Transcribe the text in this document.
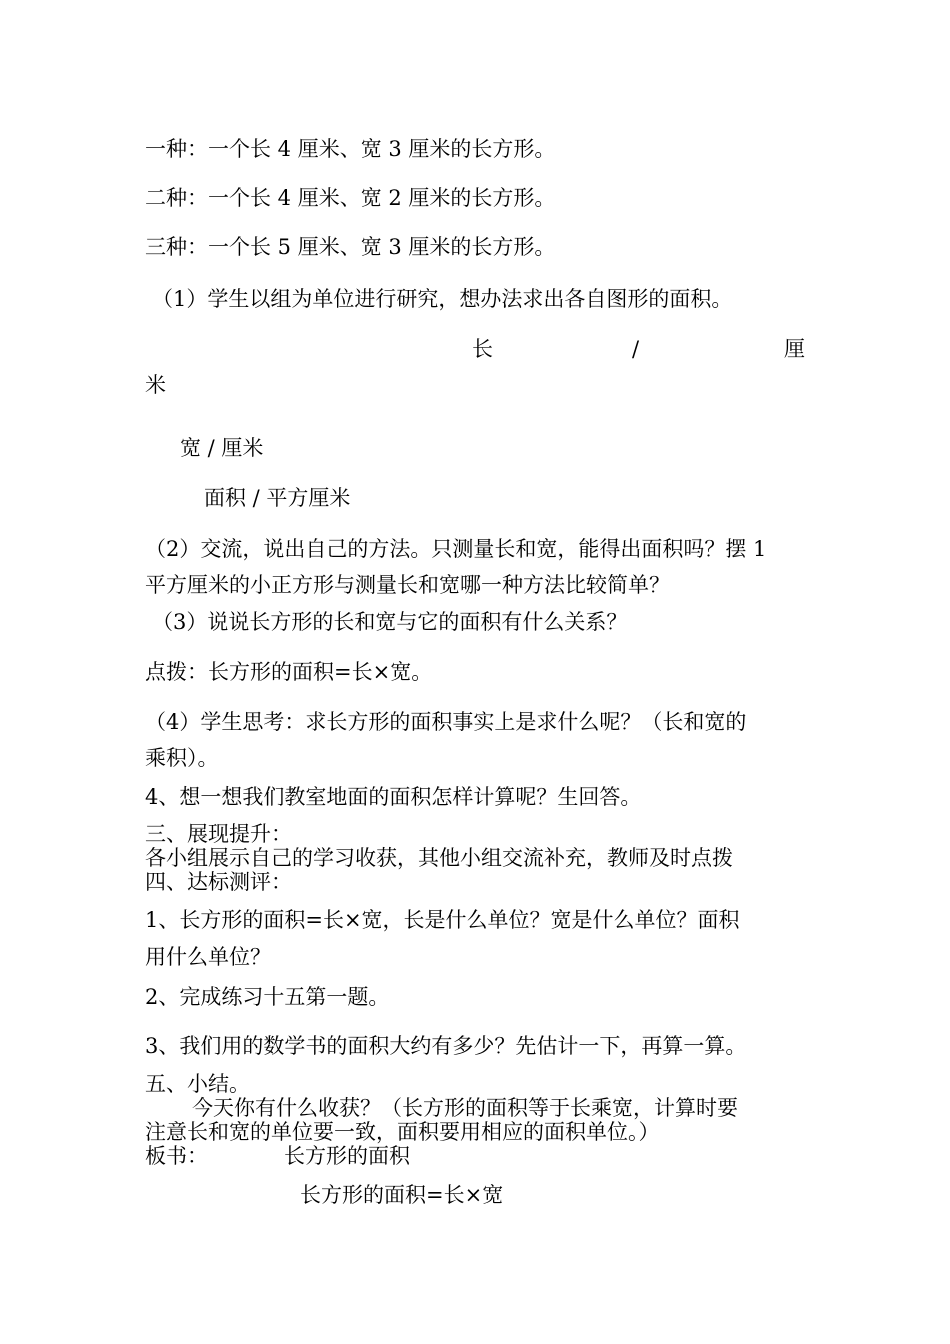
一种：一个长 4 厘米、宽 3 厘米的长方形。
二种：一个长 4 厘米、宽 2 厘米的长方形。
三种：一个长 5 厘米、宽 3 厘米的长方形。
（1）学生以组为单位进行研究，想办法求出各自图形的面积。
长	/	厘
米
宽 / 厘米
面积 / 平方厘米
（2）交流，说出自己的方法。只测量长和宽，能得出面积吗？摆 1
平方厘米的小正方形与测量长和宽哪一种方法比较简单？
（3）说说长方形的长和宽与它的面积有什么关系？
点拨：长方形的面积=长×宽。
（4）学生思考：求长方形的面积事实上是求什么呢？（长和宽的
乘积）。
4、想一想我们教室地面的面积怎样计算呢？生回答。
三、展现提升：
各小组展示自己的学习收获，其他小组交流补充，教师及时点拨
四、达标测评：
1、长方形的面积=长×宽，长是什么单位？宽是什么单位？面积
用什么单位？
2、完成练习十五第一题。
3、我们用的数学书的面积大约有多少？先估计一下，再算一算。
五、小结。
今天你有什么收获？（长方形的面积等于长乘宽，计算时要
注意长和宽的单位要一致，面积要用相应的面积单位。）
板书：	长方形的面积
长方形的面积=长×宽
